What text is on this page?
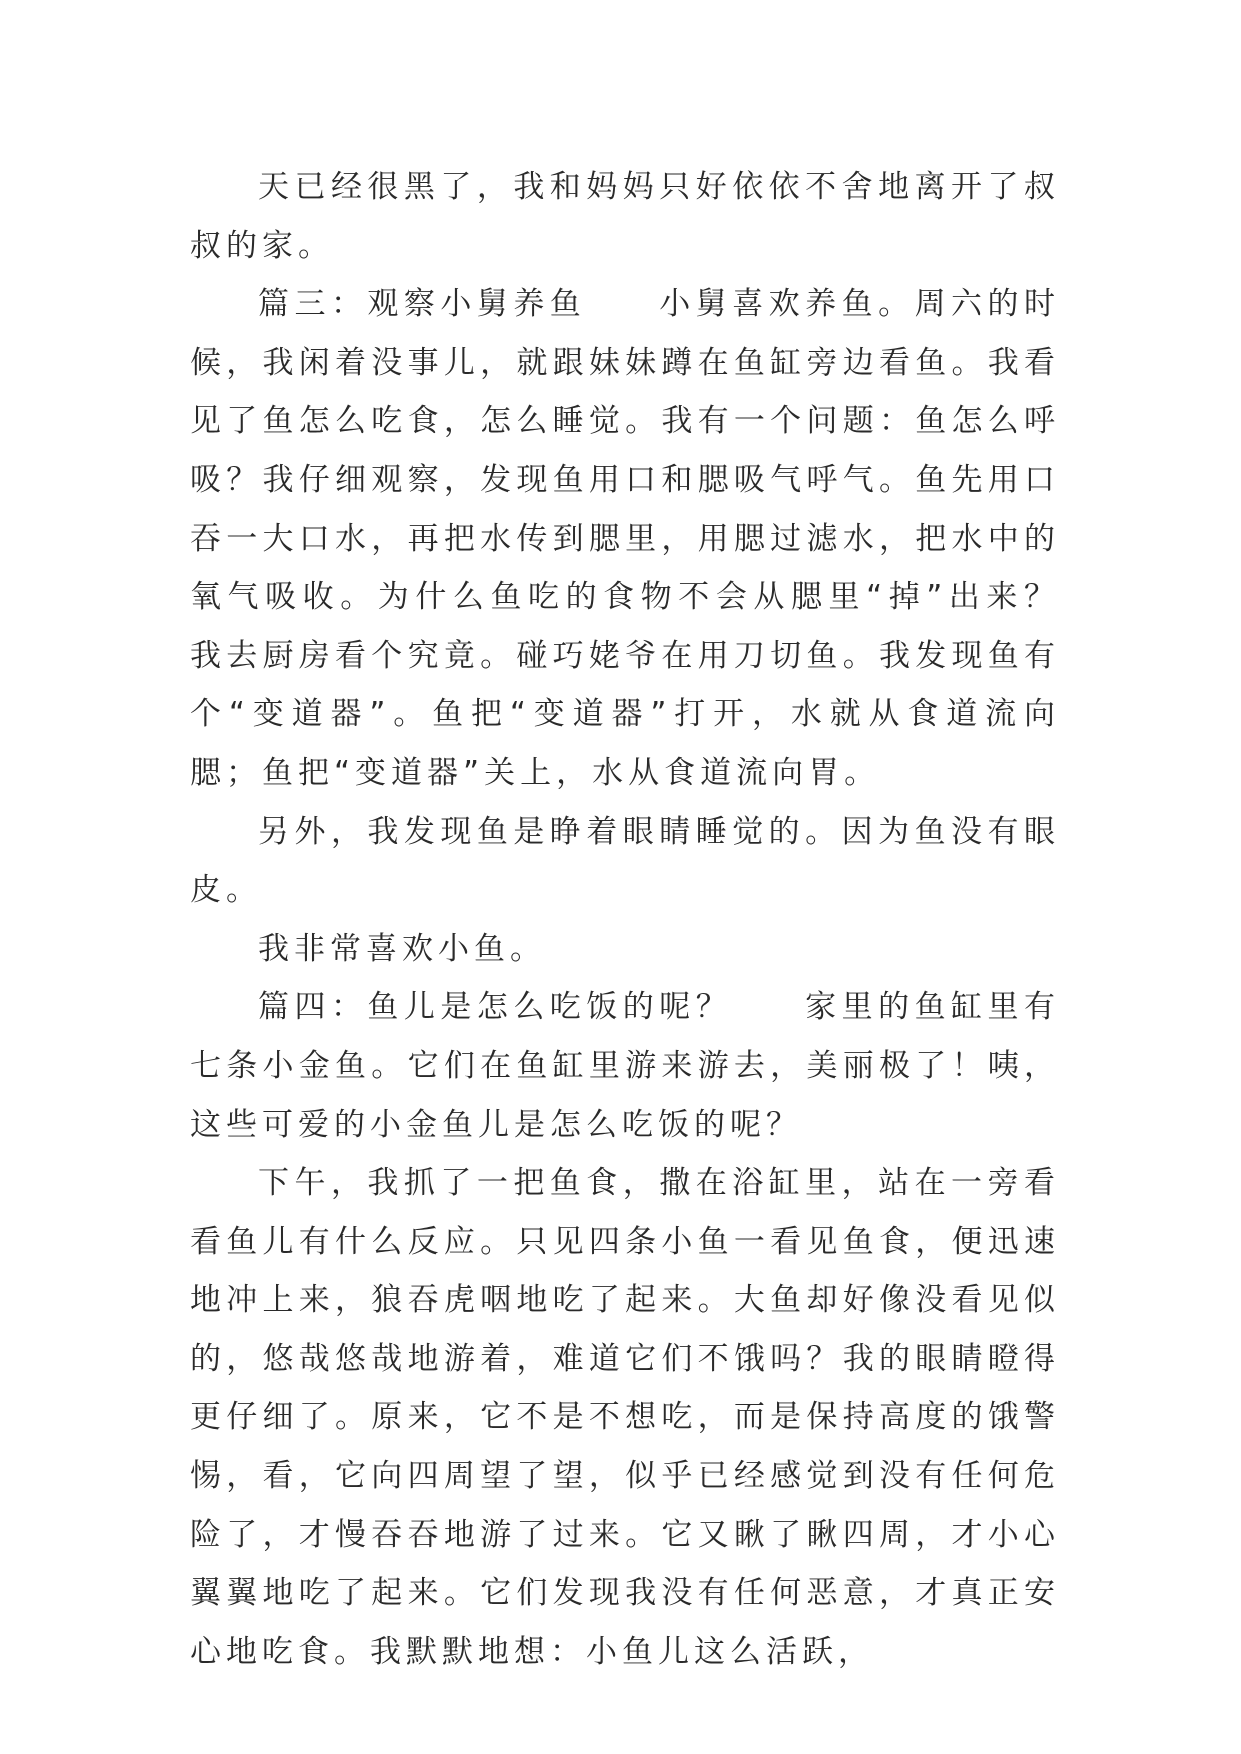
天已经很黑了，我和妈妈只好依依不舍地离开了叔叔的家。

篇三：观察小舅养鱼　　小舅喜欢养鱼。周六的时候，我闲着没事儿，就跟妹妹蹲在鱼缸旁边看鱼。我看见了鱼怎么吃食，怎么睡觉。我有一个问题：鱼怎么呼吸？我仔细观察，发现鱼用口和腮吸气呼气。鱼先用口吞一大口水，再把水传到腮里，用腮过滤水，把水中的氧气吸收。为什么鱼吃的食物不会从腮里“掉”出来？我去厨房看个究竟。碰巧姥爷在用刀切鱼。我发现鱼有个“变道器”。鱼把“变道器”打开，水就从食道流向腮；鱼把“变道器”关上，水从食道流向胃。

另外，我发现鱼是睁着眼睛睡觉的。因为鱼没有眼皮。

我非常喜欢小鱼。

篇四：鱼儿是怎么吃饭的呢？　　家里的鱼缸里有七条小金鱼。它们在鱼缸里游来游去，美丽极了！咦，这些可爱的小金鱼儿是怎么吃饭的呢？

下午，我抓了一把鱼食，撒在浴缸里，站在一旁看看鱼儿有什么反应。只见四条小鱼一看见鱼食，便迅速地冲上来，狼吞虎咽地吃了起来。大鱼却好像没看见似的，悠哉悠哉地游着，难道它们不饿吗？我的眼睛瞪得更仔细了。原来，它不是不想吃，而是保持高度的饿警惕，看，它向四周望了望，似乎已经感觉到没有任何危险了，才慢吞吞地游了过来。它又瞅了瞅四周，才小心翼翼地吃了起来。它们发现我没有任何恶意，才真正安心地吃食。我默默地想：小鱼儿这么活跃，
